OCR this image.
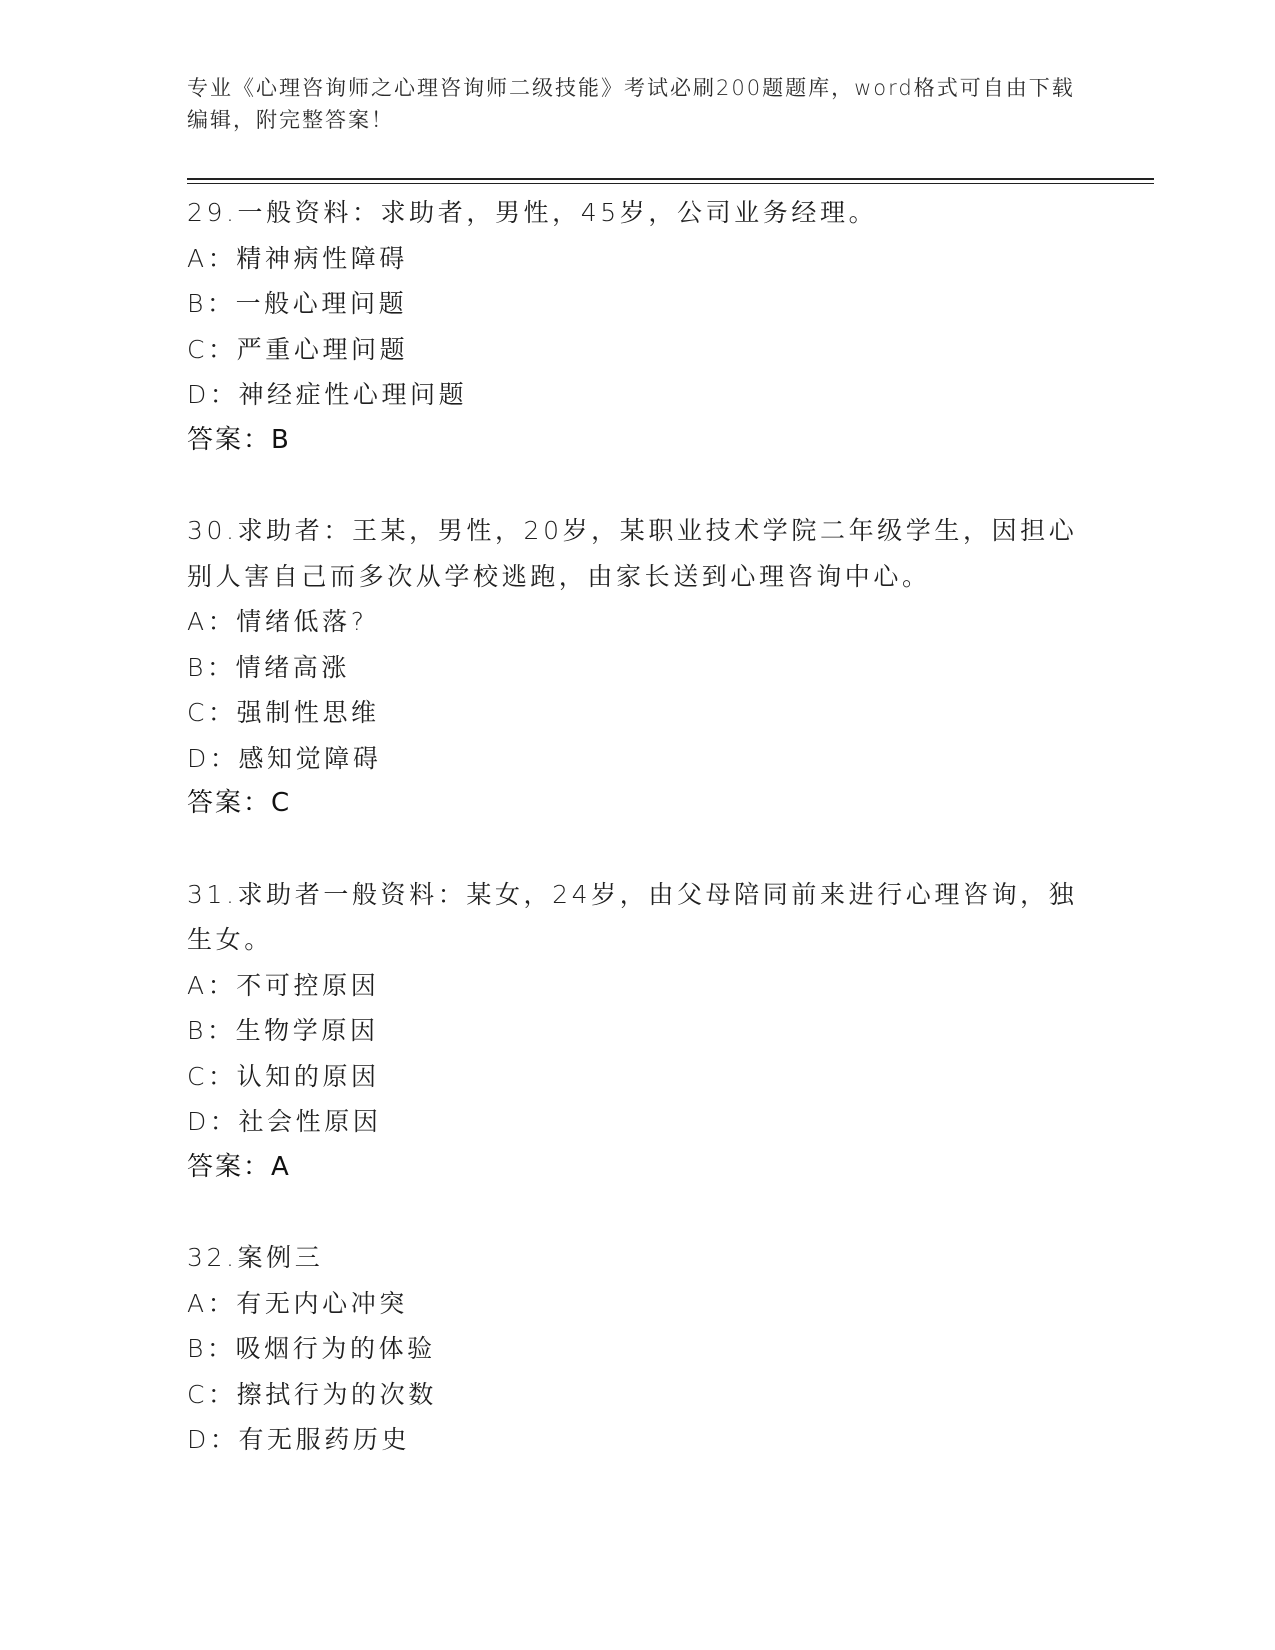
专业《心理咨询师之心理咨询师二级技能》考试必刷200题题库，word格式可自由下载编辑，附完整答案！
29.一般资料：求助者，男性，45岁，公司业务经理。
A：精神病性障碍
B：一般心理问题
C：严重心理问题
D：神经症性心理问题
答案：B
30.求助者：王某，男性，20岁，某职业技术学院二年级学生，因担心别人害自己而多次从学校逃跑，由家长送到心理咨询中心。
A：情绪低落?
B：情绪高涨
C：强制性思维
D：感知觉障碍
答案：C
31.求助者一般资料：某女，24岁，由父母陪同前来进行心理咨询，独生女。
A：不可控原因
B：生物学原因
C：认知的原因
D：社会性原因
答案：A
32.案例三
A：有无内心冲突
B：吸烟行为的体验
C：擦拭行为的次数
D：有无服药历史
